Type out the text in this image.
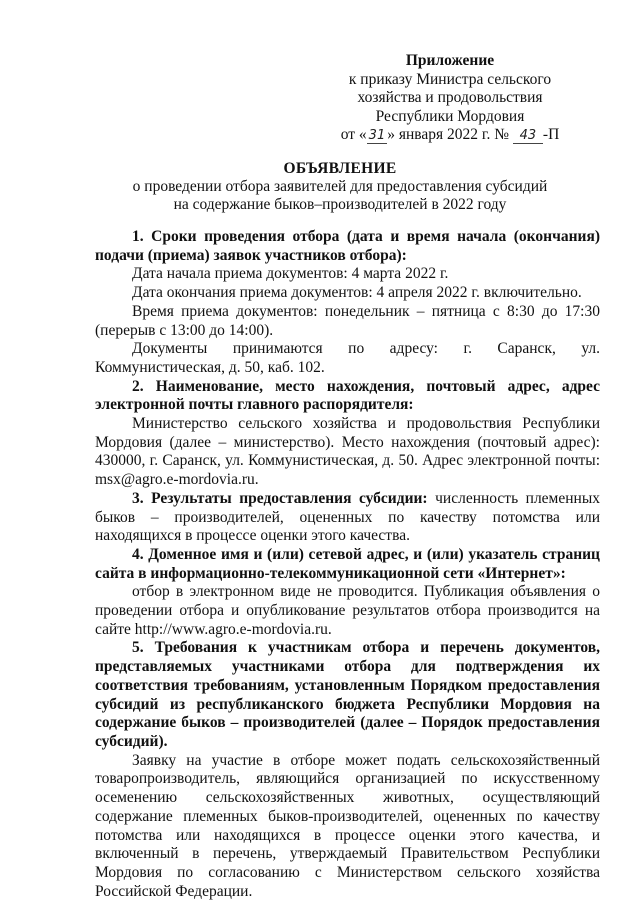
Приложение
к приказу Министра сельского
хозяйства и продовольствия
Республики Мордовия
от « 31 » января 2022 г. № 43 -П
ОБЪЯВЛЕНИЕ
о проведении отбора заявителей для предоставления субсидий
на содержание быков–производителей в 2022 году

1. Сроки проведения отбора (дата и время начала (окончания) подачи (приема) заявок участников отбора):

Дата начала приема документов: 4 марта 2022 г.

Дата окончания приема документов: 4 апреля 2022 г. включительно.

Время приема документов: понедельник – пятница с 8:30 до 17:30 (перерыв с 13:00 до 14:00).

Документы принимаются по адресу: г. Саранск, ул. Коммунистическая, д. 50, каб. 102.

2. Наименование, место нахождения, почтовый адрес, адрес электронной почты главного распорядителя:

Министерство сельского хозяйства и продовольствия Республики Мордовия (далее – министерство). Место нахождения (почтовый адрес): 430000, г. Саранск, ул. Коммунистическая, д. 50. Адрес электронной почты: msx@agro.e-mordovia.ru.

3. Результаты предоставления субсидии: численность племенных быков – производителей, оцененных по качеству потомства или находящихся в процессе оценки этого качества.

4. Доменное имя и (или) сетевой адрес, и (или) указатель страниц сайта в информационно-телекоммуникационной сети «Интернет»:

отбор в электронном виде не проводится. Публикация объявления о проведении отбора и опубликование результатов отбора производится на сайте http://www.agro.e-mordovia.ru.

5. Требования к участникам отбора и перечень документов, представляемых участниками отбора для подтверждения их соответствия требованиям, установленным Порядком предоставления субсидий из республиканского бюджета Республики Мордовия на содержание быков – производителей (далее – Порядок предоставления субсидий).

Заявку на участие в отборе может подать сельскохозяйственный товаропроизводитель, являющийся организацией по искусственному осеменению сельскохозяйственных животных, осуществляющий содержание племенных быков-производителей, оцененных по качеству потомства или находящихся в процессе оценки этого качества, и включенный в перечень, утверждаемый Правительством Республики Мордовия по согласованию с Министерством сельского хозяйства Российской Федерации.
